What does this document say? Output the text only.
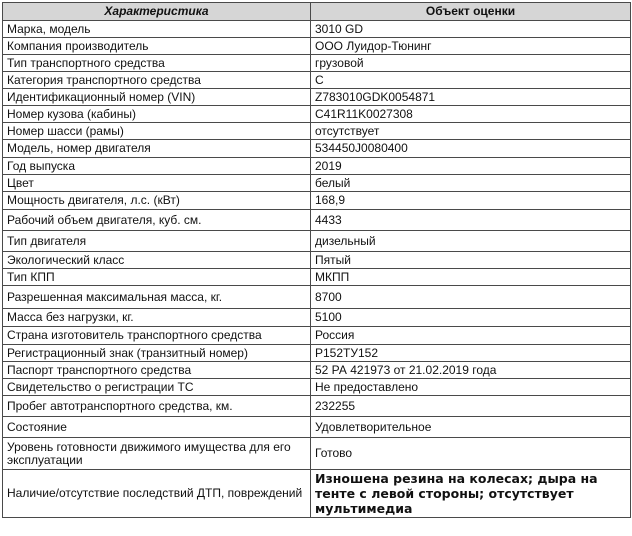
Характеристика	Объект оценки
Марка, модель	3010 GD
Компания производитель	ООО Луидор-Тюнинг
Тип транспортного средства	грузовой
Категория транспортного средства	С
Идентификационный номер (VIN)	Z783010GDK0054871
Номер кузова (кабины)	C41R11K0027308
Номер шасси (рамы)	отсутствует
Модель, номер двигателя	534450J0080400
Год выпуска	2019
Цвет	белый
Мощность двигателя, л.с. (кВт)	168,9
Рабочий объем двигателя, куб. см.	4433
Тип двигателя	дизельный
Экологический класс	Пятый
Тип КПП	МКПП
Разрешенная максимальная масса, кг.	8700
Масса без нагрузки, кг.	5100
Страна изготовитель транспортного средства	Россия
Регистрационный знак (транзитный номер)	Р152ТУ152
Паспорт транспортного средства	52 РА 421973 от 21.02.2019 года
Свидетельство о регистрации ТС	Не предоставлено
Пробег автотранспортного средства, км.	232255
Состояние	Удовлетворительное
Уровень готовности движимого имущества для его эксплуатации	Готово
Наличие/отсутствие последствий ДТП, повреждений	Изношена резина на колесах; дыра на тенте с левой стороны; отсутствует мультимедиа
